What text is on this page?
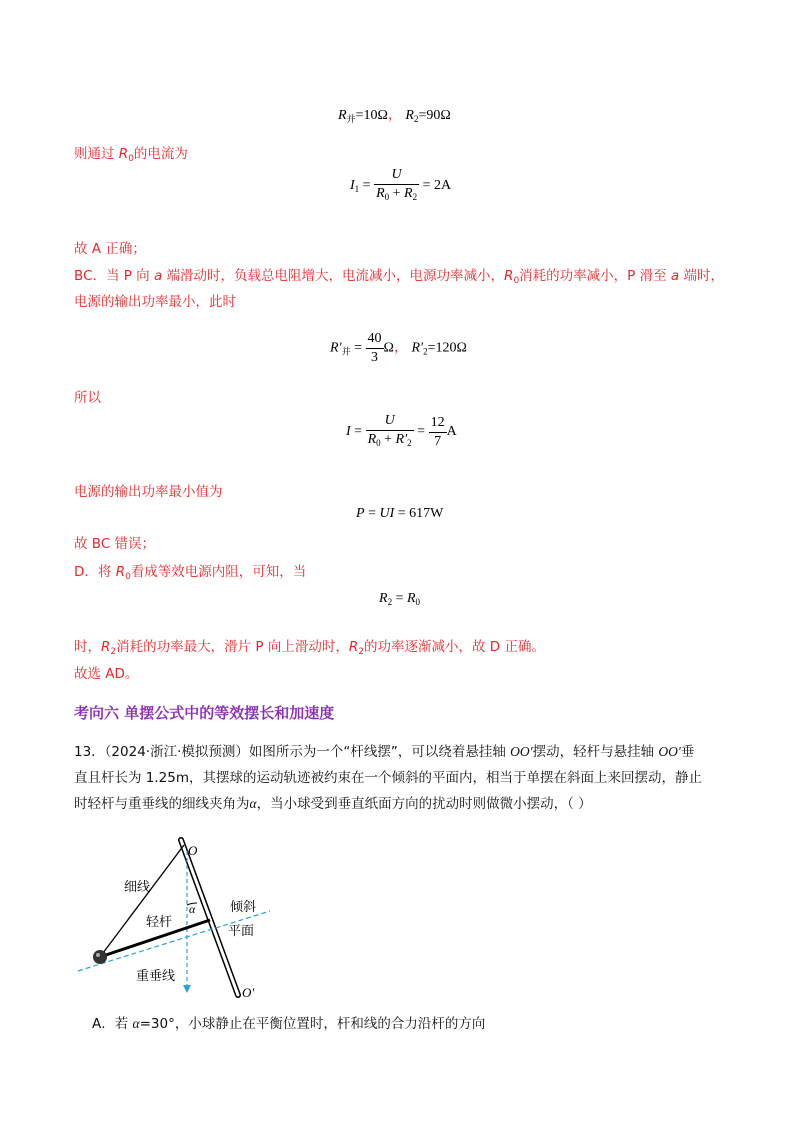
$R_并=10\Omega$， $R_2=90\Omega$
则通过 $R_0$的电流为
$I_1 = \frac{U}{R_0 + R_2} = 2A$
故 A 正确；
BC．当 P 向 a 端滑动时，负载总电阻增大，电流减小，电源功率减小，$R_0$消耗的功率减小，P 滑至 a 端时，
电源的输出功率最小，此时
$R'_并 = \frac{40}{3}$ Ω， $R'_2=120\Omega$
所以
$I = \frac{U}{R_0 + R'_2} = \frac{12}{7}$ A
电源的输出功率最小值为
P = UI = 617W
故 BC 错误；
D．将 $R_0$看成等效电源内阻，可知，当
$R_2 = R_0$
时，$R_2$消耗的功率最大，滑片 P 向上滑动时，$R_2$的功率逐渐减小，故 D 正确。
故选 AD。
考向六 单摆公式中的等效摆长和加速度
13．（2024·浙江·模拟预测）如图所示为一个“杆线摆”，可以绕着悬挂轴 OO′摆动，轻杆与悬挂轴 OO′垂
直且杆长为 1.25m，其摆球的运动轨迹被约束在一个倾斜的平面内，相当于单摆在斜面上来回摆动，静止
时轻杆与重垂线的细线夹角为α，当小球受到垂直纸面方向的扰动时则做微小摆动，（ ）
O
O′
细线
轻杆
α	倾斜
平面
重垂线
A．若 α=30°，小球静止在平衡位置时，杆和线的合力沿杆的方向
